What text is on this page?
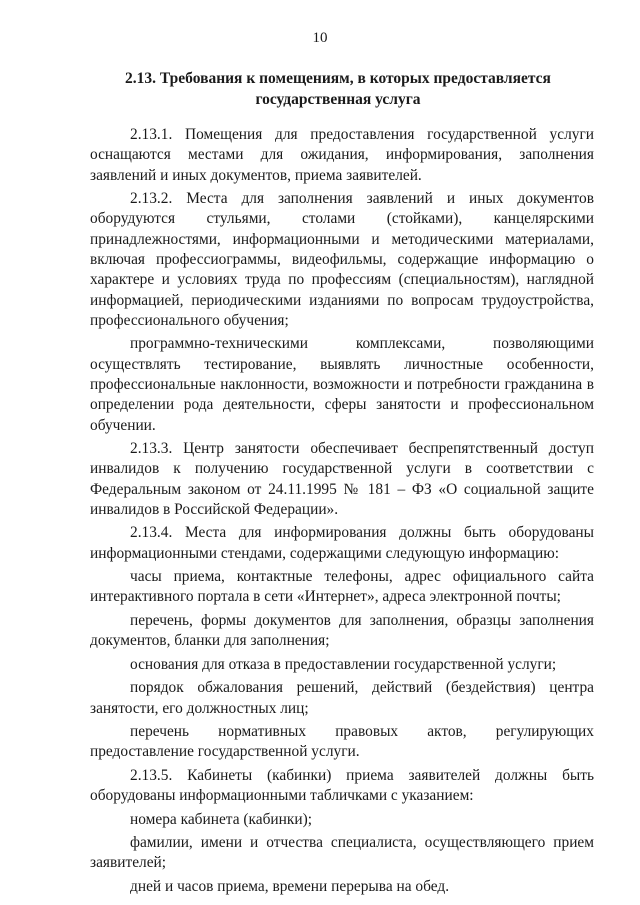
10
2.13. Требования к помещениям, в которых предоставляется
государственная услуга

2.13.1. Помещения для предоставления государственной услуги оснащаются местами для ожидания, информирования, заполнения заявлений и иных документов, приема заявителей.

2.13.2. Места для заполнения заявлений и иных документов оборудуются стульями, столами (стойками), канцелярскими принадлежностями, информационными и методическими материалами, включая профессиограммы, видеофильмы, содержащие информацию о характере и условиях труда по профессиям (специальностям), наглядной информацией, периодическими изданиями по вопросам трудоустройства, профессионального обучения;

программно-техническими комплексами, позволяющими осуществлять тестирование, выявлять личностные особенности, профессиональные наклонности, возможности и потребности гражданина в определении рода деятельности, сферы занятости и профессиональном обучении.

2.13.3. Центр занятости обеспечивает беспрепятственный доступ инвалидов к получению государственной услуги в соответствии с Федеральным законом от 24.11.1995 № 181 – ФЗ «О социальной защите инвалидов в Российской Федерации».

2.13.4. Места для информирования должны быть оборудованы информационными стендами, содержащими следующую информацию:

часы приема, контактные телефоны, адрес официального сайта интерактивного портала в сети «Интернет», адреса электронной почты;

перечень, формы документов для заполнения, образцы заполнения документов, бланки для заполнения;

основания для отказа в предоставлении государственной услуги;

порядок обжалования решений, действий (бездействия) центра занятости, его должностных лиц;

перечень нормативных правовых актов, регулирующих предоставление государственной услуги.

2.13.5. Кабинеты (кабинки) приема заявителей должны быть оборудованы информационными табличками с указанием:

номера кабинета (кабинки);

фамилии, имени и отчества специалиста, осуществляющего прием заявителей;

дней и часов приема, времени перерыва на обед.
